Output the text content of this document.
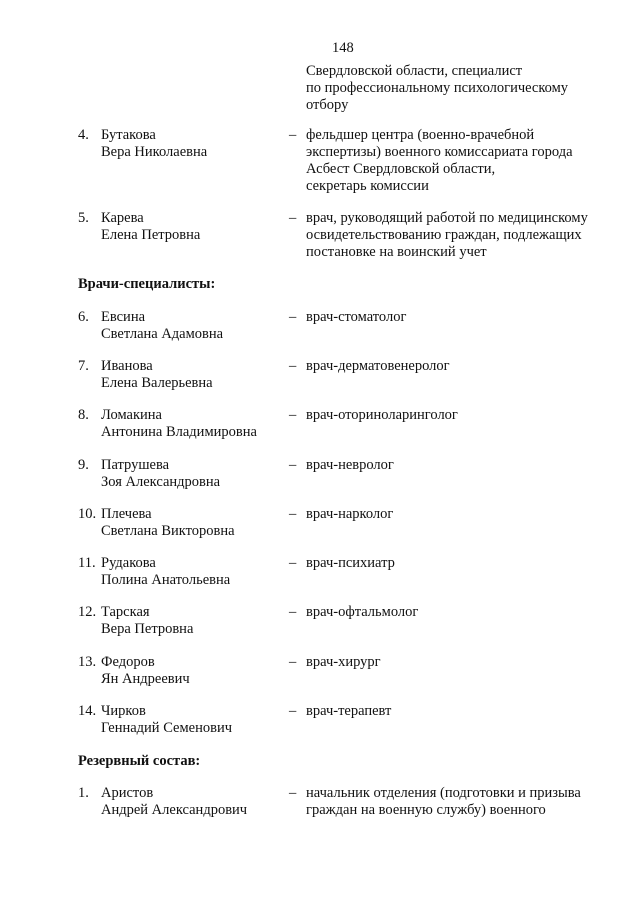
148
Свердловской области, специалист
по профессиональному психологическому
отбору
4. Бутакова
Вера Николаевна
– фельдшер центра (военно-врачебной
экспертизы) военного комиссариата города
Асбест Свердловской области,
секретарь комиссии
5. Карева
Елена Петровна
– врач, руководящий работой по медицинскому
освидетельствованию граждан, подлежащих
постановке на воинский учет
Врачи-специалисты:
6. Евсина
Светлана Адамовна
– врач-стоматолог
7. Иванова
Елена Валерьевна
– врач-дерматовенеролог
8. Ломакина
Антонина Владимировна
– врач-оториноларинголог
9. Патрушева
Зоя Александровна
– врач-невролог
10. Плечева
Светлана Викторовна
– врач-нарколог
11. Рудакова
Полина Анатольевна
– врач-психиатр
12. Тарская
Вера Петровна
– врач-офтальмолог
13. Федоров
Ян Андреевич
– врач-хирург
14. Чирков
Геннадий Семенович
– врач-терапевт
Резервный состав:
1. Аристов
Андрей Александрович
– начальник отделения (подготовки и призыва
граждан на военную службу) военного
